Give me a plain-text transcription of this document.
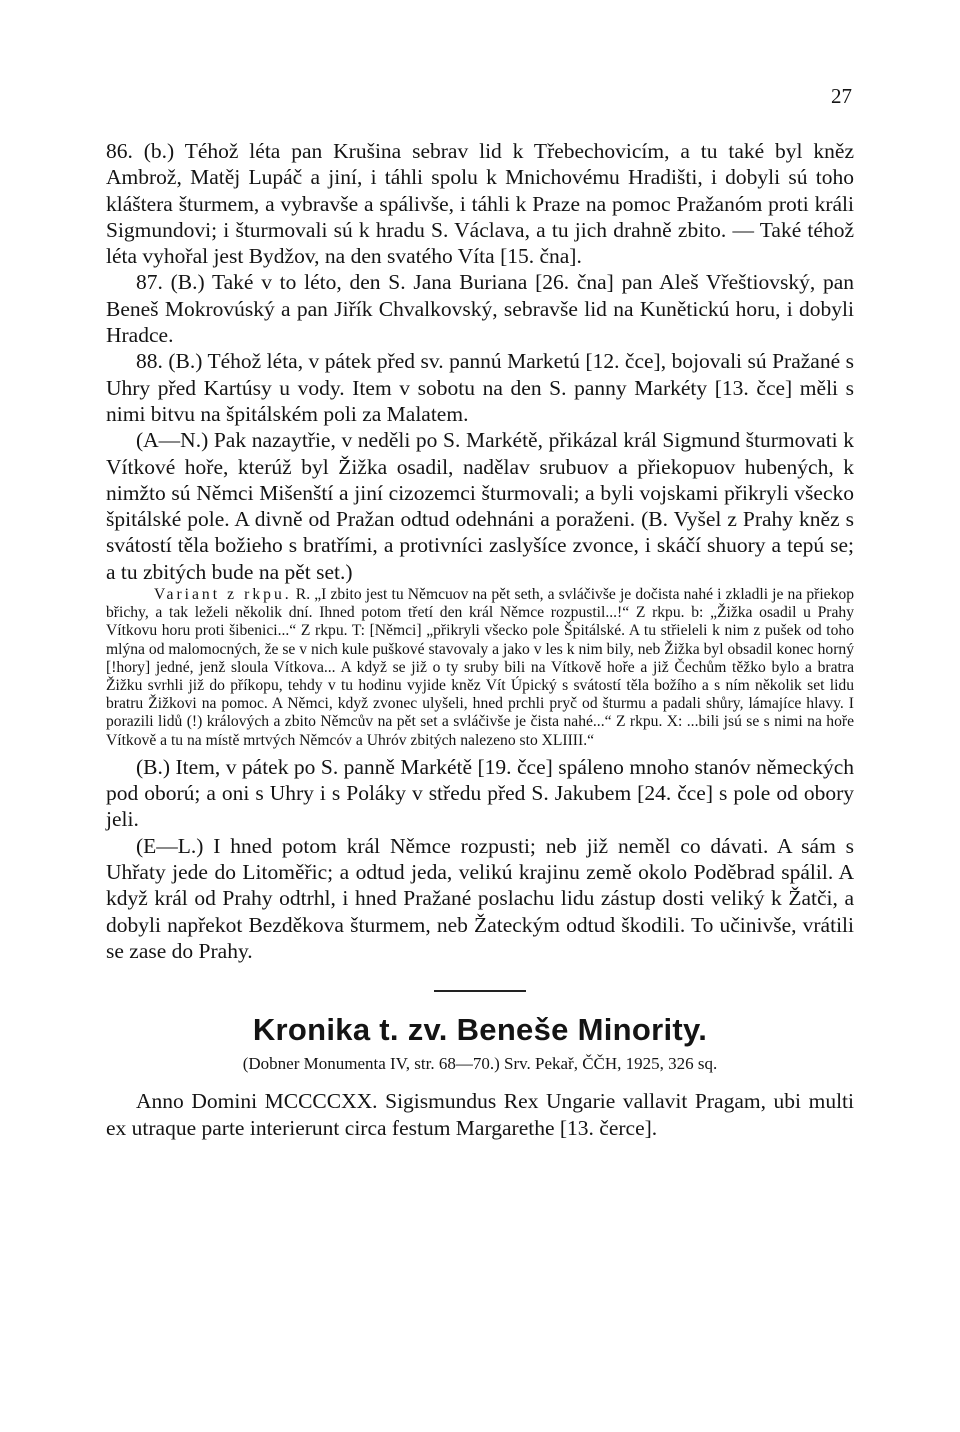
27

86. (b.) Téhož léta pan Krušina sebrav lid k Třebechovicím, a tu také byl kněz Ambrož, Matěj Lupáč a jiní, i táhli spolu k Mnichovému Hradišti, i dobyli sú toho kláštera šturmem, a vybravše a spálivše, i táhli k Praze na pomoc Pražanóm proti králi Sigmundovi; i šturmovali sú k hradu S. Václava, a tu jich drahně zbito. — Také téhož léta vyhořal jest Bydžov, na den svatého Víta [15. čna].

87. (B.) Také v to léto, den S. Jana Buriana [26. čna] pan Aleš Vřeštiovský, pan Beneš Mokrovúský a pan Jiřík Chvalkovský, sebravše lid na Kunětickú horu, i dobyli Hradce.

88. (B.) Téhož léta, v pátek před sv. pannú Marketú [12. čce], bojovali sú Pražané s Uhry před Kartúsy u vody. Item v sobotu na den S. panny Markéty [13. čce] měli s nimi bitvu na špitálském poli za Malatem.

(A—N.) Pak nazaytřie, v neděli po S. Markétě, přikázal král Sigmund šturmovati k Vítkové hoře, kterúž byl Žižka osadil, nadělav srubuov a přiekopuov hubených, k nimžto sú Němci Mišenští a jiní cizozemci šturmovali; a byli vojskami přikryli všecko špitálské pole. A divně od Pražan odtud odehnáni a poraženi. (B. Vyšel z Prahy kněz s svátostí těla božieho s bratřími, a protivníci zaslyšíce zvonce, i skáčí shuory a tepú se; a tu zbitých bude na pět set.)

Variant z rkpu. R. „I zbito jest tu Němcuov na pět seth, a svláčivše je dočista nahé i zkladli je na přiekop břichy, a tak leželi několik dní. Ihned potom třetí den král Němce rozpustil...!“ Z rkpu. b: „Žižka osadil u Prahy Vítkovu horu proti šibenici...“ Z rkpu. T: [Němci] „přikryli všecko pole Špitálské. A tu střieleli k nim z pušek od toho mlýna od malomocných, že se v nich kule puškové stavovaly a jako v les k nim bily, neb Žižka byl obsadil konec horný [!hory] jedné, jenž sloula Vítkova... A když se již o ty sruby bili na Vítkově hoře a již Čechům těžko bylo a bratra Žižku svrhli již do příkopu, tehdy v tu hodinu vyjide kněz Vít Úpický s svátostí těla božího a s ním několik set lidu bratru Žižkovi na pomoc. A Němci, když zvonec ulyšeli, hned prchli pryč od šturmu a padali shůry, lámajíce hlavy. I porazili lidů (!) králových a zbito Němcův na pět set a svláčivše je čista nahé...“ Z rkpu. X: ...bili jsú se s nimi na hoře Vítkově a tu na místě mrtvých Němcóv a Uhróv zbitých nalezeno sto XLIIII.“

(B.) Item, v pátek po S. panně Markétě [19. čce] spáleno mnoho stanóv německých pod oború; a oni s Uhry i s Poláky v středu před S. Jakubem [24. čce] s pole od obory jeli.

(E—L.) I hned potom král Němce rozpusti; neb již neměl co dávati. A sám s Uhřaty jede do Litoměřic; a odtud jeda, velikú krajinu země okolo Poděbrad spálil. A když král od Prahy odtrhl, i hned Pražané poslachu lidu zástup dosti veliký k Žatči, a dobyli napřekot Bezděkova šturmem, neb Žateckým odtud škodili. To učinivše, vrátili se zase do Prahy.

Kronika t. zv. Beneše Minority.

(Dobner Monumenta IV, str. 68—70.) Srv. Pekař, ČČH, 1925, 326 sq.

Anno Domini MCCCCXX. Sigismundus Rex Ungarie vallavit Pragam, ubi multi ex utraque parte interierunt circa festum Margarethe [13. čercе].
